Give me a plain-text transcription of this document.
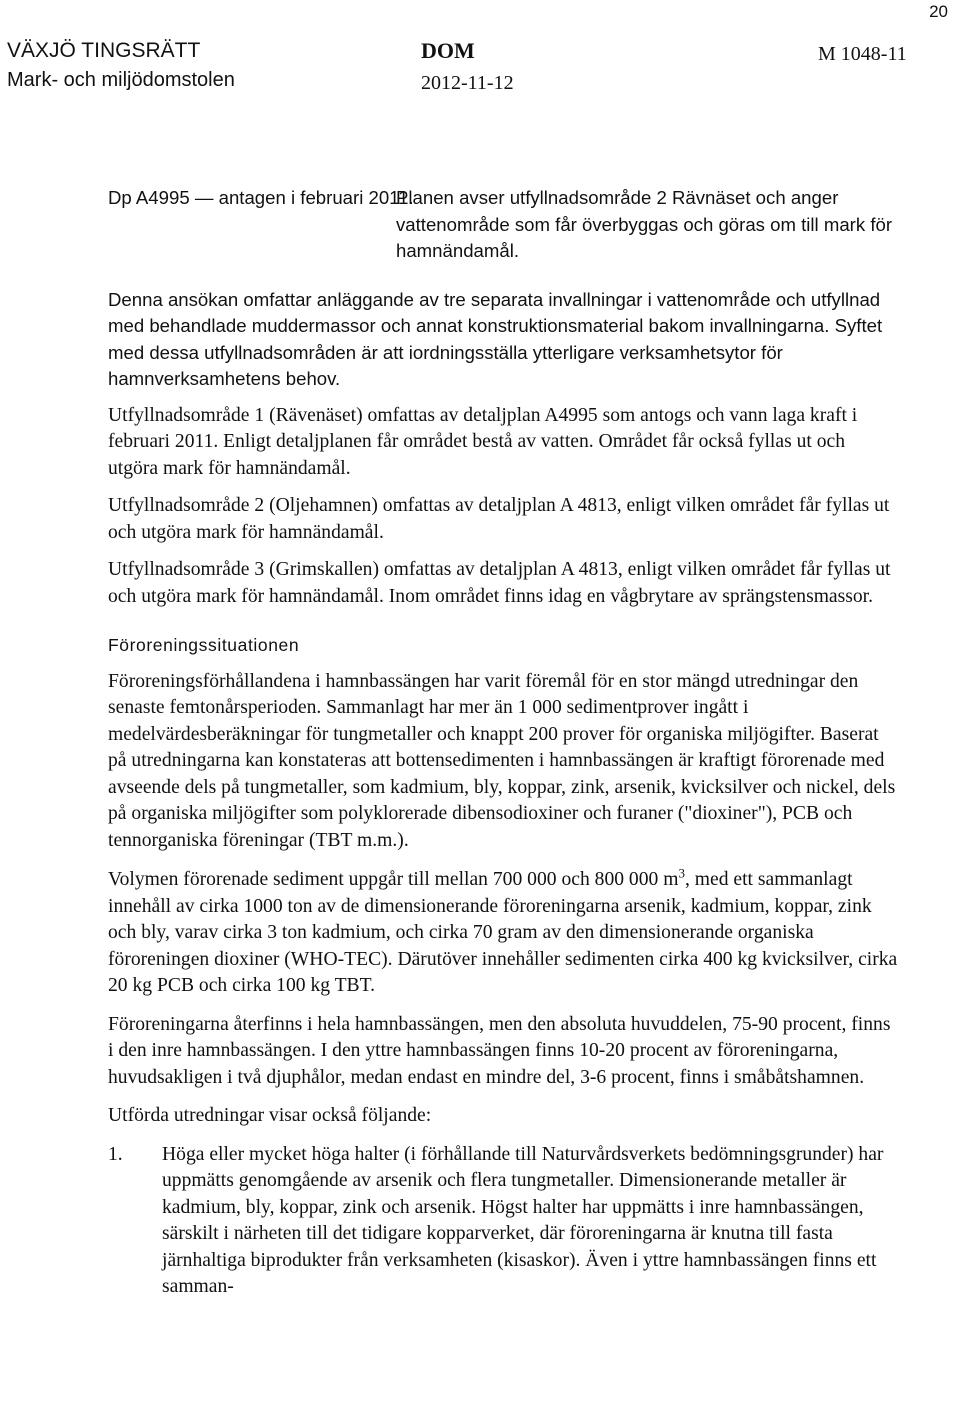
20
VÄXJÖ TINGSRÄTT
Mark- och miljödomstolen
DOM
2012-11-12
M 1048-11
Dp A4995 — antagen i februari 2011.
Planen avser utfyllnadsområde 2 Rävnäset och anger vattenområde som får överbyggas och göras om till mark för hamnändamål.

Denna ansökan omfattar anläggande av tre separata invallningar i vattenområde och utfyllnad med behandlade muddermassor och annat konstruktionsmaterial bakom invallningarna. Syftet med dessa utfyllnadsområden är att iordningsställa ytterligare verksamhetsytor för hamnverksamhetens behov.

Utfyllnadsområde 1 (Rävenäset) omfattas av detaljplan A4995 som antogs och vann laga kraft i februari 2011. Enligt detaljplanen får området bestå av vatten. Området får också fyllas ut och utgöra mark för hamnändamål.

Utfyllnadsområde 2 (Oljehamnen) omfattas av detaljplan A 4813, enligt vilken området får fyllas ut och utgöra mark för hamnändamål.

Utfyllnadsområde 3 (Grimskallen) omfattas av detaljplan A 4813, enligt vilken området får fyllas ut och utgöra mark för hamnändamål. Inom området finns idag en vågbrytare av sprängstensmassor.

Föroreningssituationen

Föroreningsförhållandena i hamnbassängen har varit föremål för en stor mängd utredningar den senaste femtonårsperioden. Sammanlagt har mer än 1 000 sedimentprover ingått i medelvärdesberäkningar för tungmetaller och knappt 200 prover för organiska miljögifter. Baserat på utredningarna kan konstateras att bottensedimenten i hamnbassängen är kraftigt förorenade med avseende dels på tungmetaller, som kadmium, bly, koppar, zink, arsenik, kvicksilver och nickel, dels på organiska miljögifter som polyklorerade dibensodioxiner och furaner ("dioxiner"), PCB och tennorganiska föreningar (TBT m.m.).

Volymen förorenade sediment uppgår till mellan 700 000 och 800 000 $m^3$, med ett sammanlagt innehåll av cirka 1000 ton av de dimensionerande föroreningarna arsenik, kadmium, koppar, zink och bly, varav cirka 3 ton kadmium, och cirka 70 gram av den dimensionerande organiska föroreningen dioxiner (WHO-TEC). Därutöver innehåller sedimenten cirka 400 kg kvicksilver, cirka 20 kg PCB och cirka 100 kg TBT.

Föroreningarna återfinns i hela hamnbassängen, men den absoluta huvuddelen, 75-90 procent, finns i den inre hamnbassängen. I den yttre hamnbassängen finns 10-20 procent av föroreningarna, huvudsakligen i två djuphålor, medan endast en mindre del, 3-6 procent, finns i småbåtshamnen.

Utförda utredningar visar också följande:

1.	Höga eller mycket höga halter (i förhållande till Naturvårdsverkets bedömningsgrunder) har uppmätts genomgående av arsenik och flera tungmetaller. Dimensionerande metaller är kadmium, bly, koppar, zink och arsenik. Högst halter har uppmätts i inre hamnbassängen, särskilt i närheten till det tidigare kopparverket, där föroreningarna är knutna till fasta järnhaltiga biprodukter från verksamheten (kisaskor). Även i yttre hamnbassängen finns ett samman-
